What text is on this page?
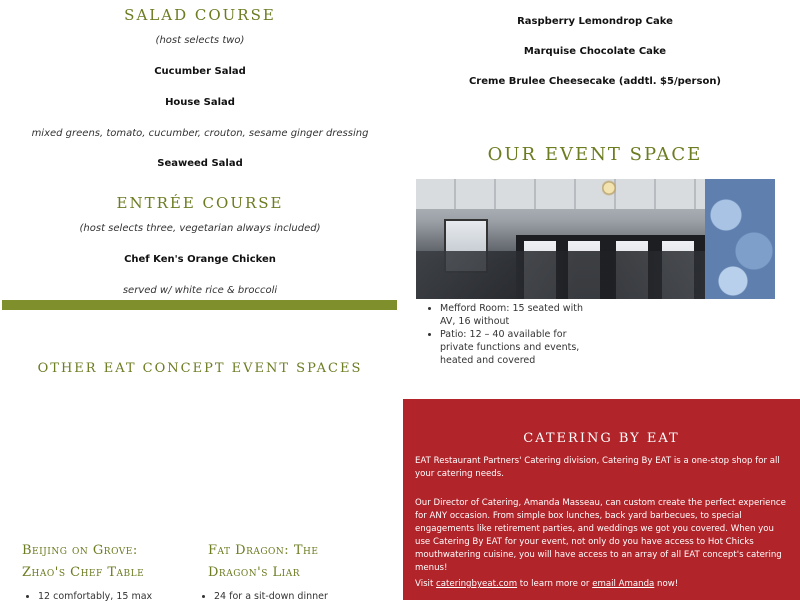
SALAD COURSE

(host selects two)

Cucumber Salad

House Salad

mixed greens, tomato, cucumber, crouton, sesame ginger dressing

Seaweed Salad

ENTRÉE COURSE

(host selects three, vegetarian always included)

Chef Ken's Orange Chicken

served w/ white rice & broccoli

OTHER EAT CONCEPT EVENT SPACES
Beijing on Grove:
Zhao's Chef Table
• 12 comfortably, 15 max
Fat Dragon: The
Dragon's Liar
• 24 for a sit-down dinner

Raspberry Lemondrop Cake

Marquise Chocolate Cake

Creme Brulee Cheesecake (addtl. $5/person)

OUR EVENT SPACE
• Mefford Room: 15 seated with AV, 16 without
• Patio: 12 – 40 available for private functions and events, heated and covered
CATERING BY EAT

EAT Restaurant Partners' Catering division, Catering By EAT is a one-stop shop for all your catering needs.

Our Director of Catering, Amanda Masseau, can custom create the perfect experience for ANY occasion. From simple box lunches, back yard barbecues, to special engagements like retirement parties, and weddings we got you covered. When you use Catering By EAT for your event, not only do you have access to Hot Chicks mouthwatering cuisine, you will have access to an array of all EAT concept's catering menus!

Visit cateringbyeat.com to learn more or email Amanda now!
